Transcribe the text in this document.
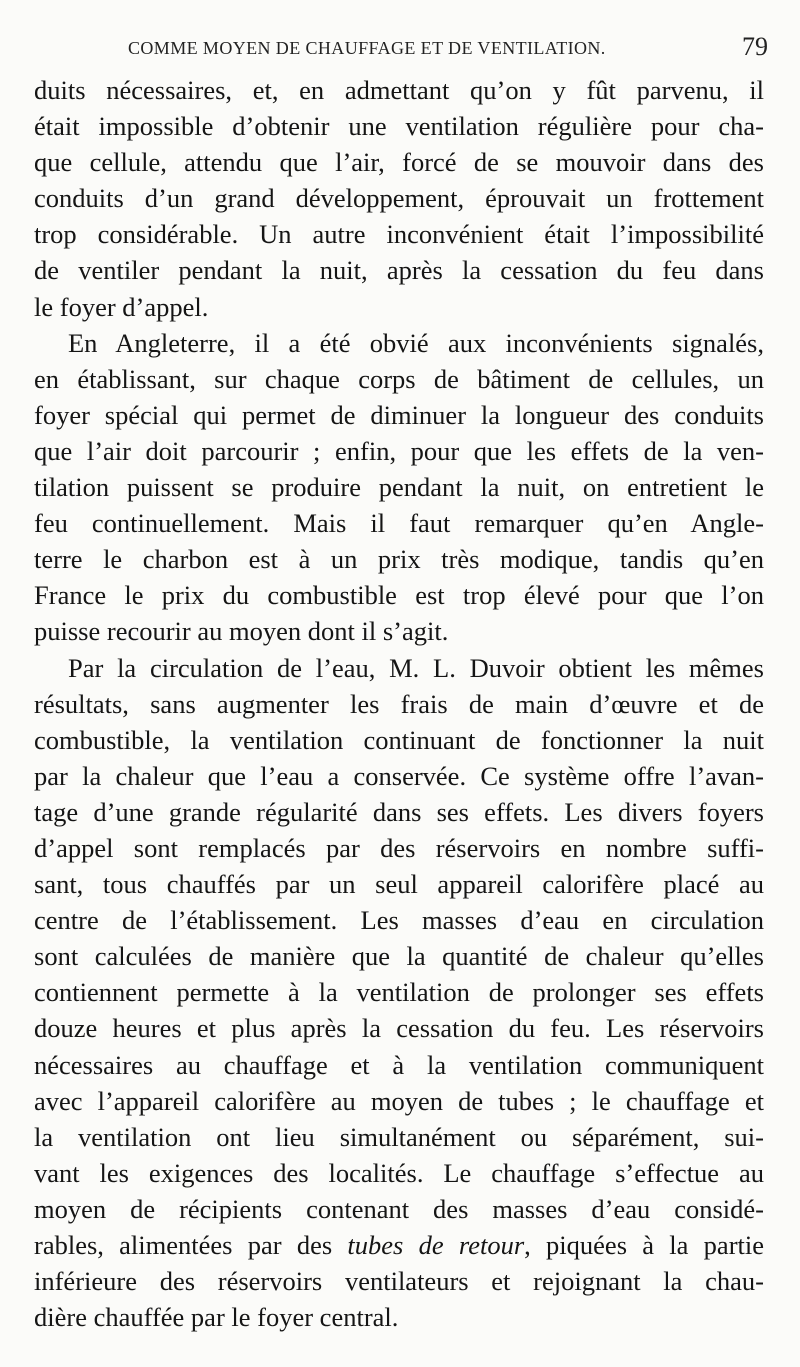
COMME MOYEN DE CHAUFFAGE ET DE VENTILATION.	79
duits nécessaires, et, en admettant qu’on y fût parvenu, il
était impossible d’obtenir une ventilation régulière pour cha-
que cellule, attendu que l’air, forcé de se mouvoir dans des
conduits d’un grand développement, éprouvait un frottement
trop considérable. Un autre inconvénient était l’impossibilité
de ventiler pendant la nuit, après la cessation du feu dans
le foyer d’appel.
En Angleterre, il a été obvié aux inconvénients signalés,
en établissant, sur chaque corps de bâtiment de cellules, un
foyer spécial qui permet de diminuer la longueur des conduits
que l’air doit parcourir ; enfin, pour que les effets de la ven-
tilation puissent se produire pendant la nuit, on entretient le
feu continuellement. Mais il faut remarquer qu’en Angle-
terre le charbon est à un prix très modique, tandis qu’en
France le prix du combustible est trop élevé pour que l’on
puisse recourir au moyen dont il s’agit.
Par la circulation de l’eau, M. L. Duvoir obtient les mêmes
résultats, sans augmenter les frais de main d’œuvre et de
combustible, la ventilation continuant de fonctionner la nuit
par la chaleur que l’eau a conservée. Ce système offre l’avan-
tage d’une grande régularité dans ses effets. Les divers foyers
d’appel sont remplacés par des réservoirs en nombre suffi-
sant, tous chauffés par un seul appareil calorifère placé au
centre de l’établissement. Les masses d’eau en circulation
sont calculées de manière que la quantité de chaleur qu’elles
contiennent permette à la ventilation de prolonger ses effets
douze heures et plus après la cessation du feu. Les réservoirs
nécessaires au chauffage et à la ventilation communiquent
avec l’appareil calorifère au moyen de tubes ; le chauffage et
la ventilation ont lieu simultanément ou séparément, sui-
vant les exigences des localités. Le chauffage s’effectue au
moyen de récipients contenant des masses d’eau considé-
rables, alimentées par des tubes de retour, piquées à la partie
inférieure des réservoirs ventilateurs et rejoignant la chau-
dière chauffée par le foyer central.
